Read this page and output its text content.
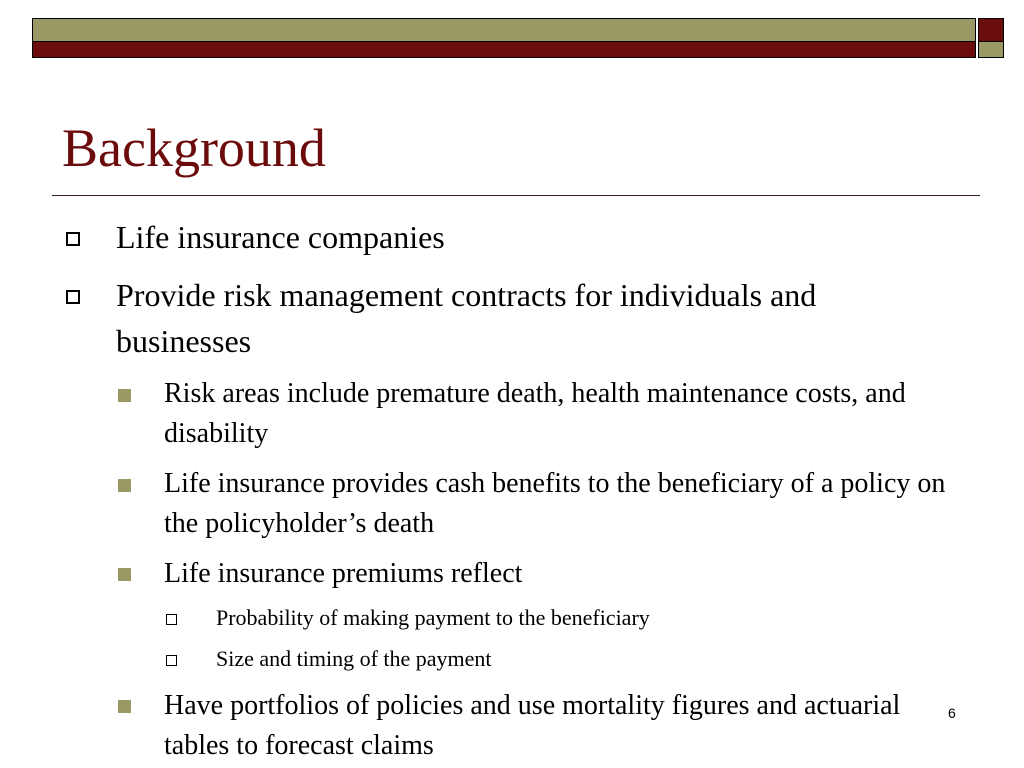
Background
Life insurance companies
Provide risk management contracts for individuals and businesses
Risk areas include premature death, health maintenance costs, and disability
Life insurance provides cash benefits to the beneficiary of a policy on the policyholder’s death
Life insurance premiums reflect
Probability of making payment to the beneficiary
Size and timing of the payment
Have portfolios of policies and use mortality figures and actuarial tables to forecast claims
6
